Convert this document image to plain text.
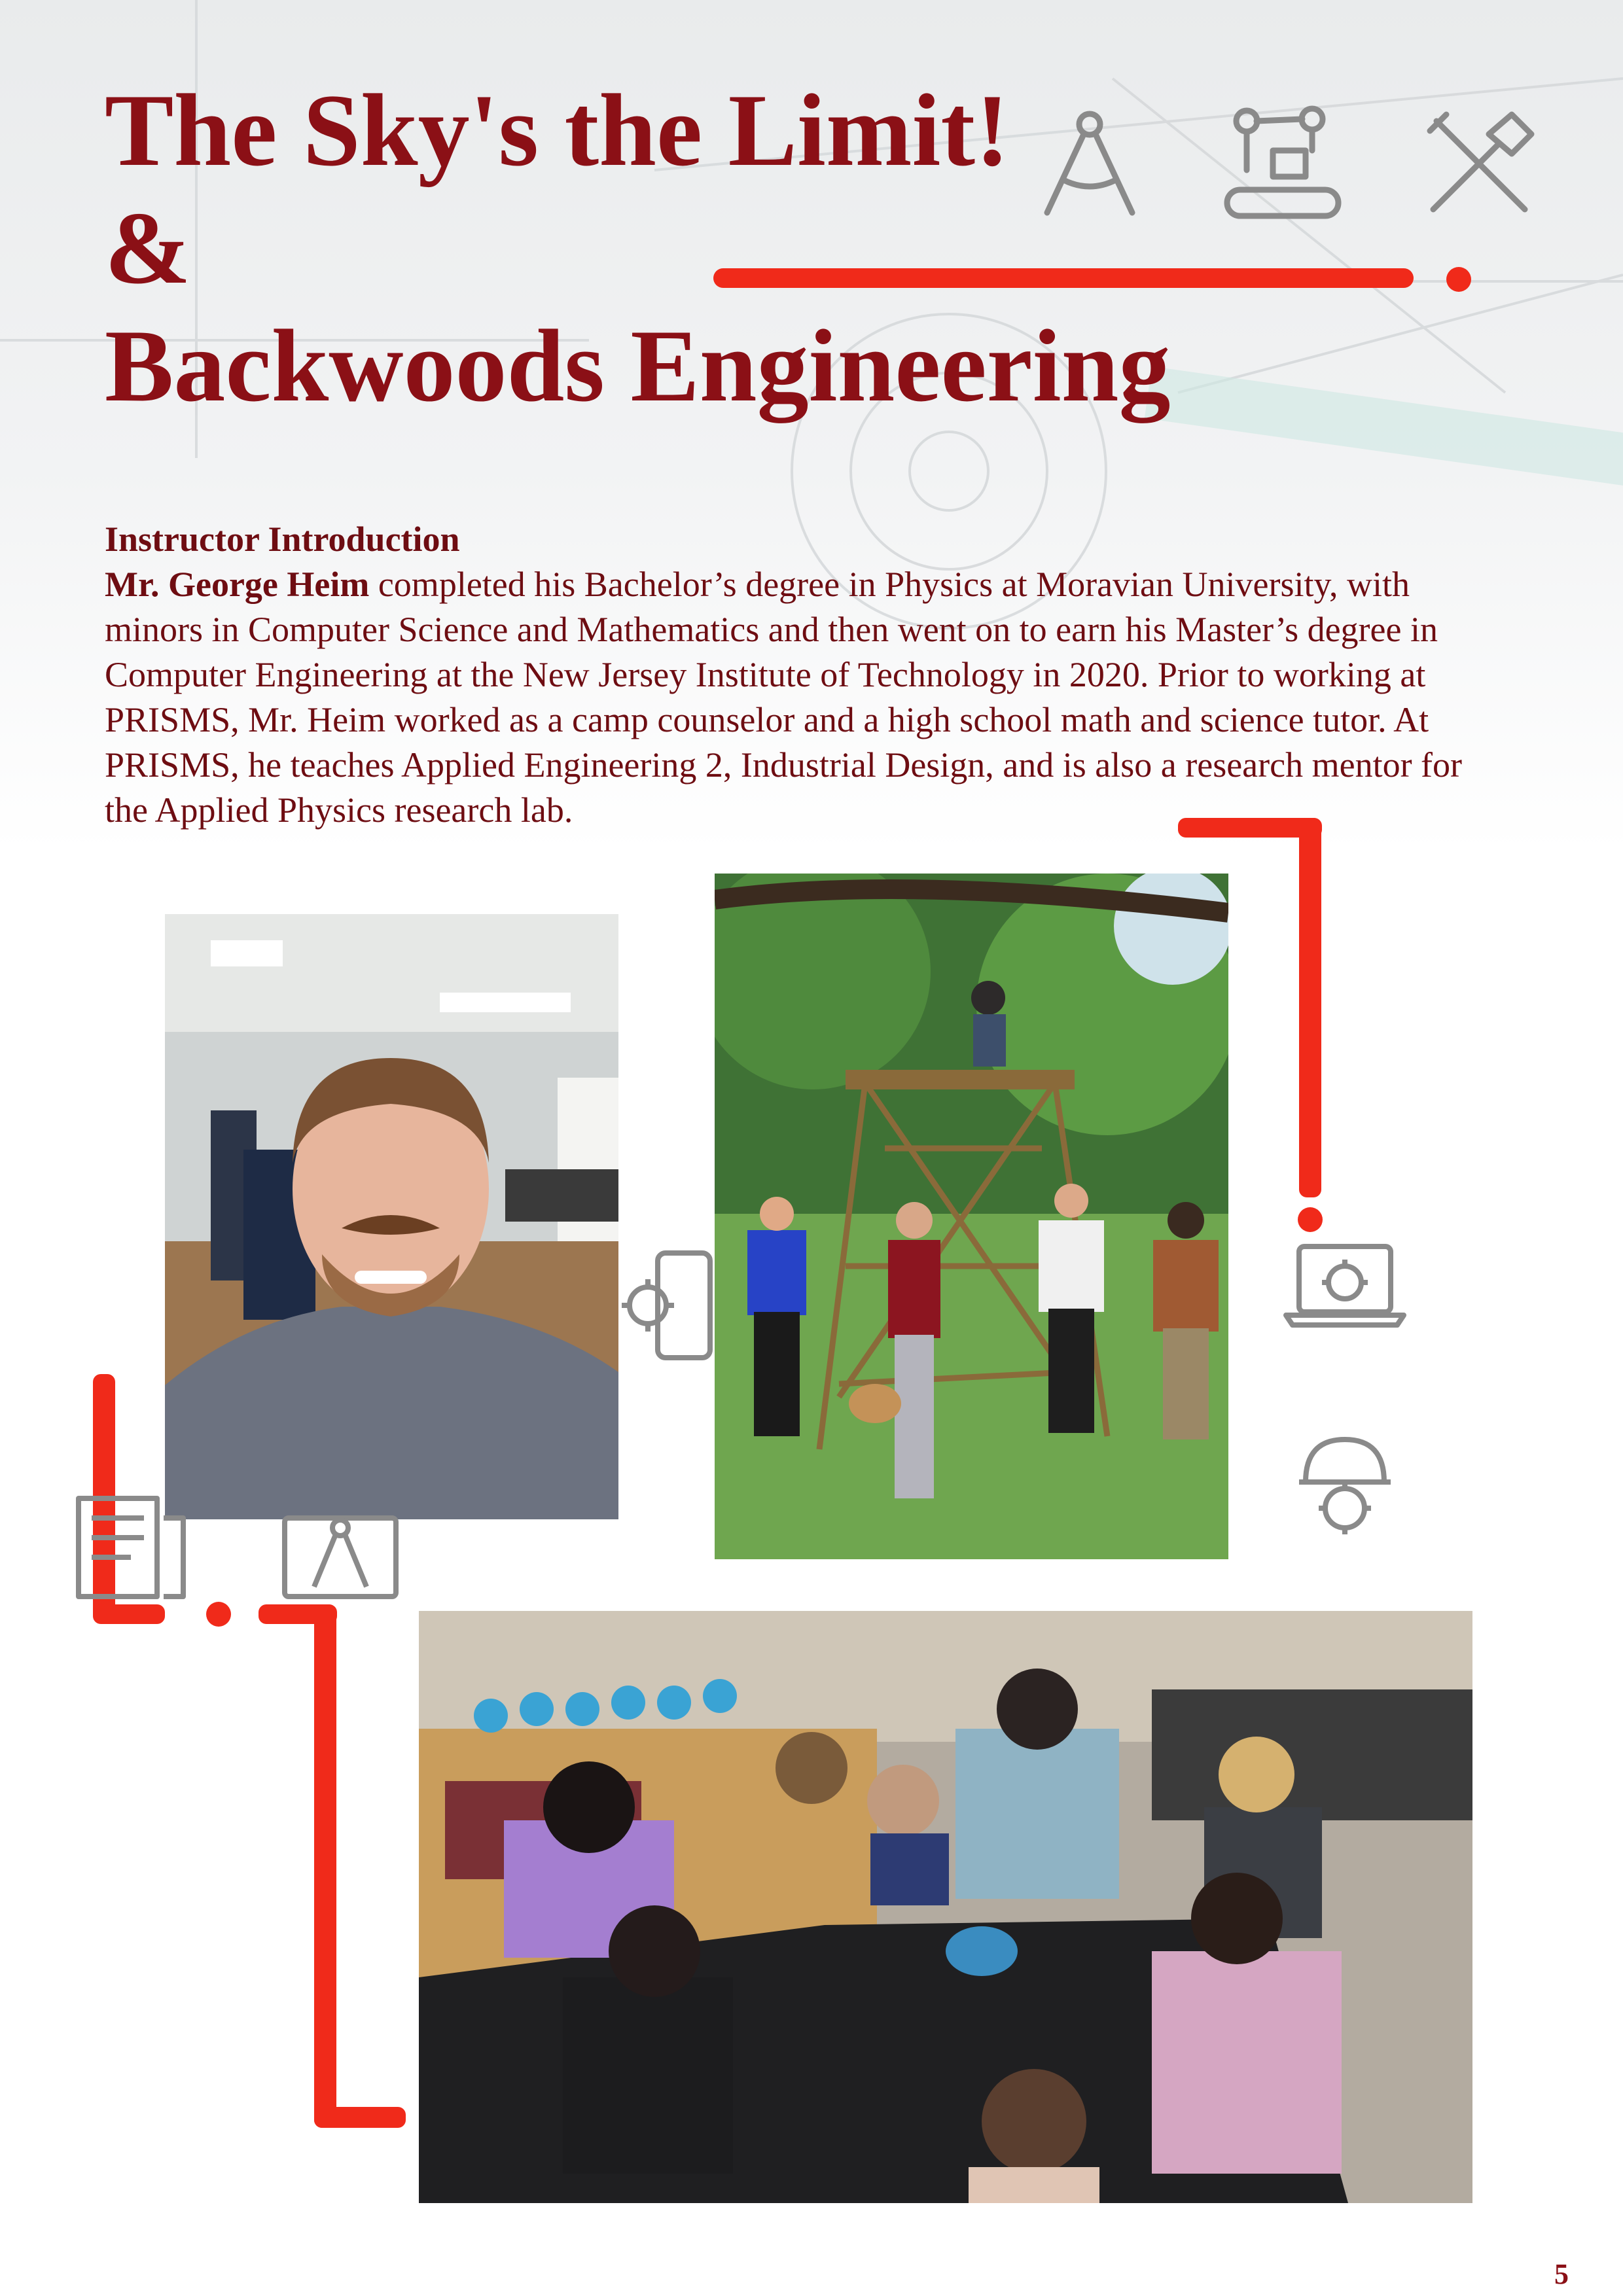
The Sky's the Limit!
&
Backwoods Engineering
Instructor Introduction
Mr. George Heim completed his Bachelor’s degree in Physics at Moravian University, with minors in Computer Science and Mathematics and then went on to earn his Master’s degree in Computer Engineering at the New Jersey Institute of Technology in 2020. Prior to working at PRISMS, Mr. Heim worked as a camp counselor and a high school math and science tutor. At PRISMS, he teaches Applied Engineering 2, Industrial Design, and is also a research mentor for the Applied Physics research lab.
5
